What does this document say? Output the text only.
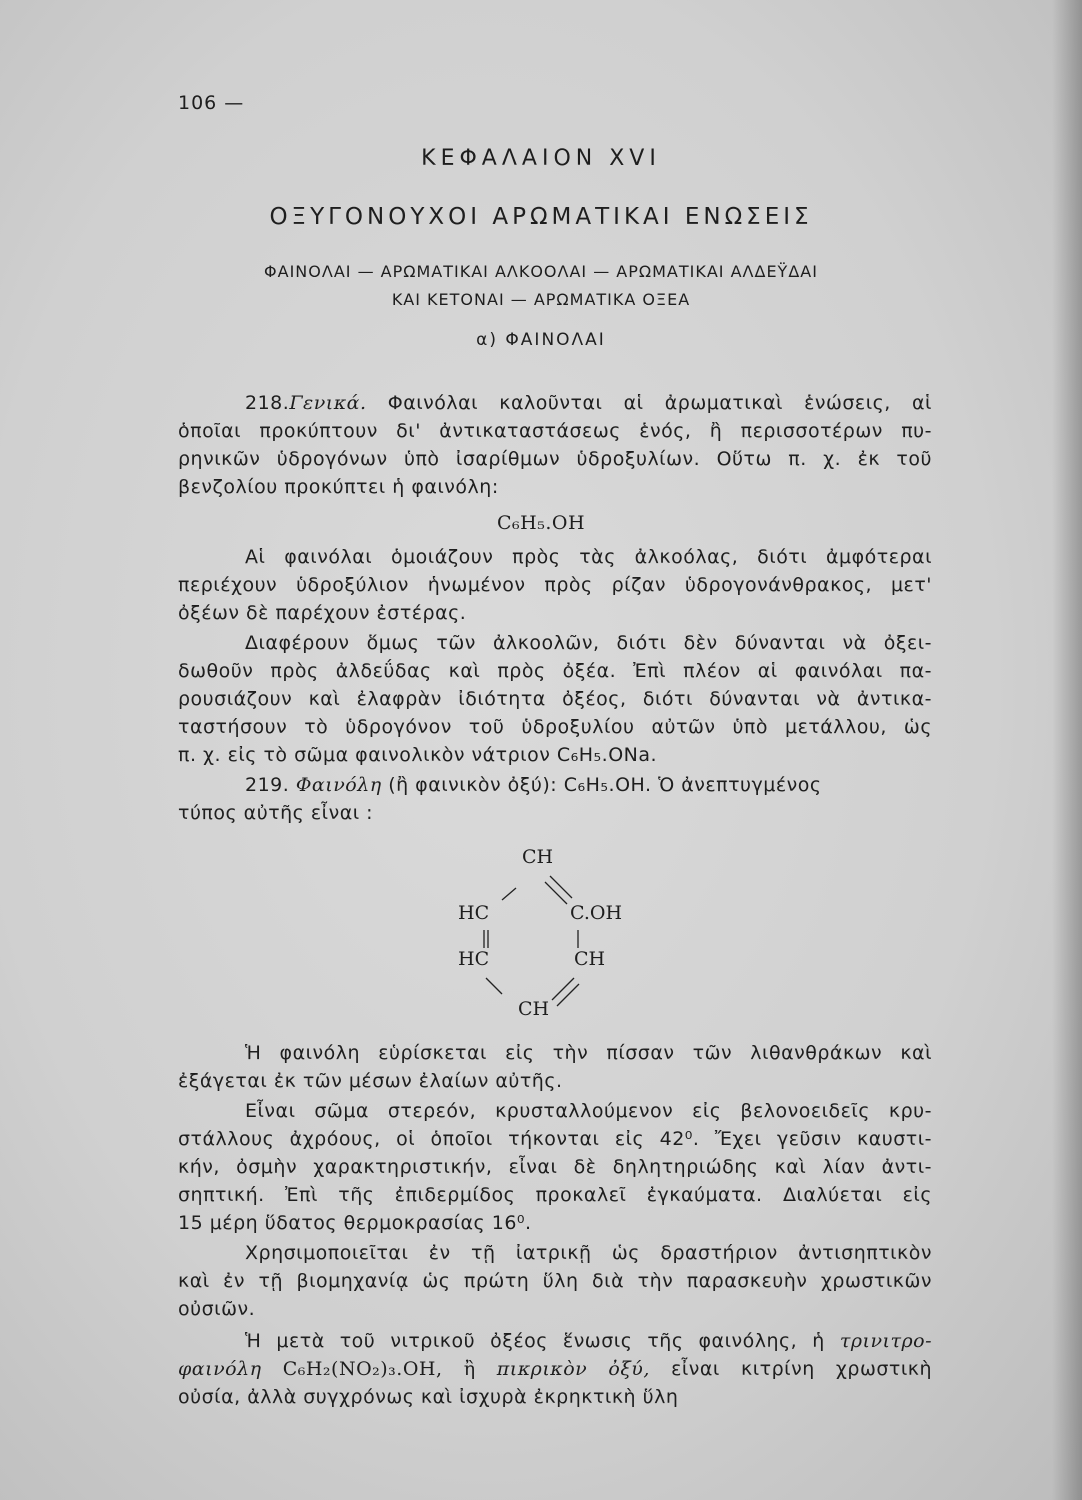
106 —
ΚΕΦΑΛΑΙΟΝ XVI
ΟΞΥΓΟΝΟΥΧΟΙ ΑΡΩΜΑΤΙΚΑΙ ΕΝΩΣΕΙΣ
ΦΑΙΝΟΛΑΙ — ΑΡΩΜΑΤΙΚΑΙ ΑΛΚΟΟΛΑΙ — ΑΡΩΜΑΤΙΚΑΙ ΑΛΔΕΫΔΑΙ
ΚΑΙ ΚΕΤΟΝΑΙ — ΑΡΩΜΑΤΙΚΑ ΟΞΕΑ
α) ΦΑΙΝΟΛΑΙ
218.Γενικά. Φαινόλαι καλοῦνται αἱ ἀρωματικαὶ ἑνώσεις, αἱ
ὁποῖαι προκύπτουν δι' ἀντικαταστάσεως ἑνός, ἢ περισσοτέρων πυ-
ρηνικῶν ὑδρογόνων ὑπὸ ἰσαρίθμων ὑδροξυλίων. Οὕτω π. χ. ἐκ τοῦ
βενζολίου προκύπτει ἡ φαινόλη:
C₆H₅.OH
Αἱ φαινόλαι ὁμοιάζουν πρὸς τὰς ἀλκοόλας, διότι ἀμφότεραι
περιέχουν ὑδροξύλιον ἡνωμένον πρὸς ρίζαν ὑδρογονάνθρακος, μετ'
ὀξέων δὲ παρέχουν ἐστέρας.
Διαφέρουν ὅμως τῶν ἀλκοολῶν, διότι δὲν δύνανται νὰ ὀξει-
δωθοῦν πρὸς ἀλδεΰδας καὶ πρὸς ὀξέα. Ἐπὶ πλέον αἱ φαινόλαι πα-
ρουσιάζουν καὶ ἐλαφρὰν ἰδιότητα ὀξέος, διότι δύνανται νὰ ἀντικα-
ταστήσουν τὸ ὑδρογόνον τοῦ ὑδροξυλίου αὐτῶν ὑπὸ μετάλλου, ὡς
π. χ. εἰς τὸ σῶμα φαινολικὸν νάτριον C₆H₅.ONa.
219. Φαινόλη (ἢ φαινικὸν ὀξύ): C₆H₅.OH. Ὁ ἀνεπτυγμένος
τύπος αὐτῆς εἶναι :
CH
HC	C.OH
HC	CH
CH
Ἡ φαινόλη εὑρίσκεται εἰς τὴν πίσσαν τῶν λιθανθράκων καὶ
ἐξάγεται ἐκ τῶν μέσων ἐλαίων αὐτῆς.
Εἶναι σῶμα στερεόν, κρυσταλλούμενον εἰς βελονοειδεῖς κρυ-
στάλλους ἀχρόους, οἱ ὁποῖοι τήκονται εἰς 42⁰. Ἔχει γεῦσιν καυστι-
κήν, ὀσμὴν χαρακτηριστικήν, εἶναι δὲ δηλητηριώδης καὶ λίαν ἀντι-
σηπτική. Ἐπὶ τῆς ἐπιδερμίδος προκαλεῖ ἐγκαύματα. Διαλύεται εἰς
15 μέρη ὕδατος θερμοκρασίας 16⁰.
Χρησιμοποιεῖται ἐν τῇ ἰατρικῇ ὡς δραστήριον ἀντισηπτικὸν
καὶ ἐν τῇ βιομηχανίᾳ ὡς πρώτη ὕλη διὰ τὴν παρασκευὴν χρωστικῶν
οὐσιῶν.
Ἡ μετὰ τοῦ νιτρικοῦ ὀξέος ἕνωσις τῆς φαινόλης, ἡ τρινιτρο-
φαινόλη C₆H₂(NO₂)₃.OH, ἢ πικρικὸν ὀξύ, εἶναι κιτρίνη χρωστικὴ
οὐσία, ἀλλὰ συγχρόνως καὶ ἰσχυρὰ ἐκρηκτικὴ ὕλη
